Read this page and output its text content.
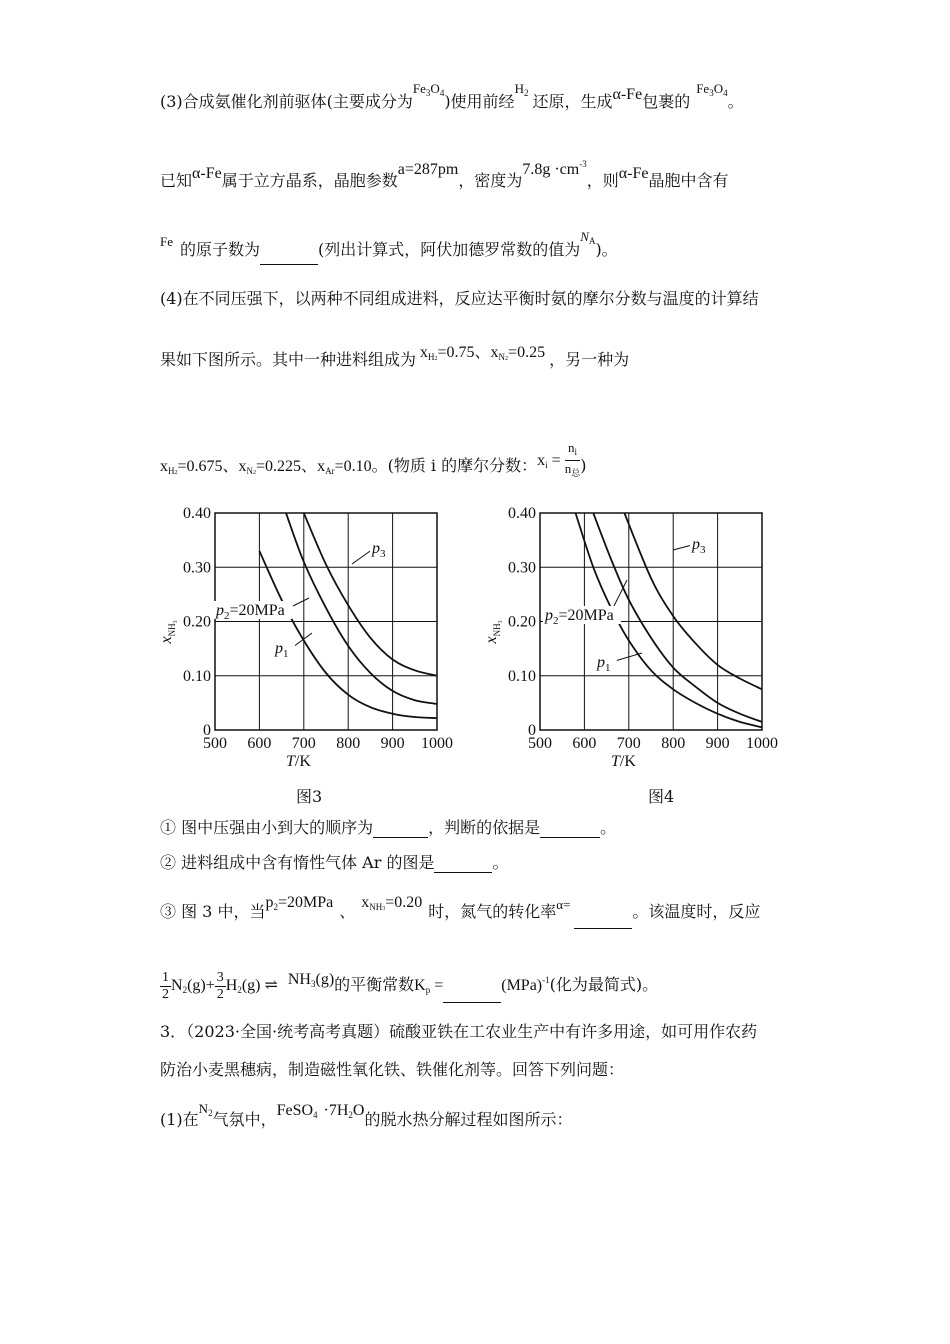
(3)合成氨催化剂前驱体(主要成分为$^{Fe_3O_4}$)使用前经$^{H_2}$ 还原，生成α-Fe包裹的$^{Fe_3O_4}$。
已知α-Fe属于立方晶系，晶胞参数a=287pm，密度为$7.8g \cdot cm^{-3}$，则α-Fe晶胞中含有
Fe 的原子数为	(列出计算式，阿伏加德罗常数的值为$^{N_A}$)。
(4)在不同压强下，以两种不同组成进料，反应达平衡时氨的摩尔分数与温度的计算结
果如下图所示。其中一种进料组成为 $x_{H2}=0.75$、$x_{N2}=0.25$ ，另一种为
$x_{H2}=0.675$、$x_{N2}=0.225$、$x_{Ar}=0.10$。(物质 i 的摩尔分数：$x_i = \frac{n_i}{n_总}$ )
500 600 700 800 900 1000
0
0.10
0.20
0.30
0.40
T/K
$x_{NH_3}$
$p_3$
$p_2=20MPa$
$p_1$
500 600 700 800 900 1000
0
0.10
0.20
0.30
0.40
T/K
$x_{NH_3}$
$p_3$
$p_2=20MPa$
$p_1$
图3	图4
① 图中压强由小到大的顺序为	，判断的依据是	。
② 进料组成中含有惰性气体 Ar 的图是	。
③ 图 3 中，当$p_2=20MPa$ 、 $x_{NH3}=0.20$ 时，氮气的转化率$^{\alpha=}$	。该温度时，反应
$\frac{1}{2} N_2(g)+ \frac{3}{2} H_2(g)$ ⇌ $NH_3(g)$的平衡常数$K_p$ =	(MPa)$^{-1}$(化为最简式)。
3．（2023·全国·统考高考真题）硫酸亚铁在工农业生产中有许多用途，如可用作农药
防治小麦黑穗病，制造磁性氧化铁、铁催化剂等。回答下列问题：
(1)在$^{N_2}$气氛中，FeSO$_4$ $\cdot 7H_2O$的脱水热分解过程如图所示：
